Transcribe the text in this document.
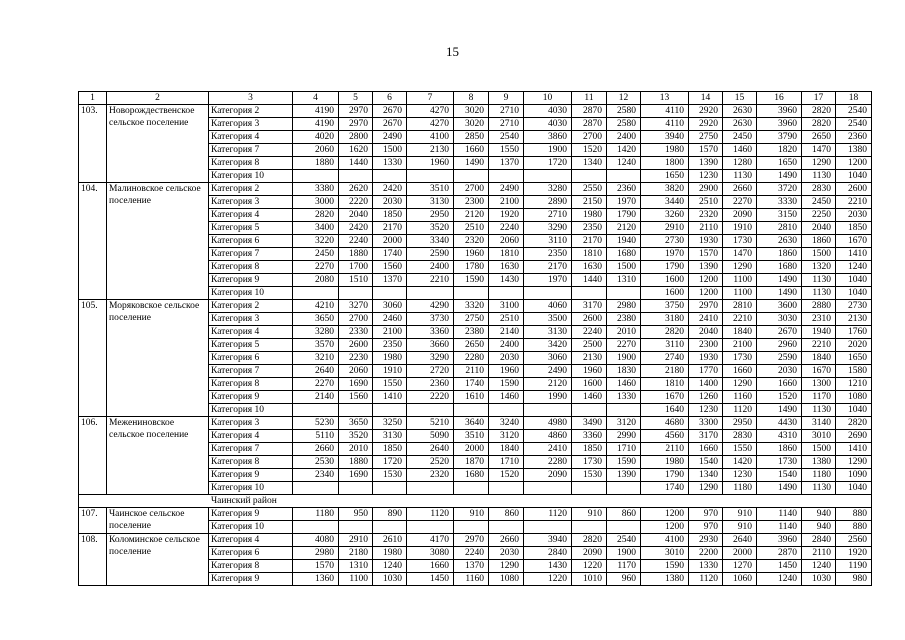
15
1	2	3	4	5	6	7	8	9	10	11	12	13	14	15	16	17	18
103.	Новорождественское сельское поселение	Категория 2	4190	2970	2670	4270	3020	2710	4030	2870	2580	4110	2920	2630	3960	2820	2540
		Категория 3	4190	2970	2670	4270	3020	2710	4030	2870	2580	4110	2920	2630	3960	2820	2540
		Категория 4	4020	2800	2490	4100	2850	2540	3860	2700	2400	3940	2750	2450	3790	2650	2360
		Категория 7	2060	1620	1500	2130	1660	1550	1900	1520	1420	1980	1570	1460	1820	1470	1380
		Категория 8	1880	1440	1330	1960	1490	1370	1720	1340	1240	1800	1390	1280	1650	1290	1200
		Категория 10										1650	1230	1130	1490	1130	1040
104.	Малиновское сельское поселение	Категория 2	3380	2620	2420	3510	2700	2490	3280	2550	2360	3820	2900	2660	3720	2830	2600
		Категория 3	3000	2220	2030	3130	2300	2100	2890	2150	1970	3440	2510	2270	3330	2450	2210
		Категория 4	2820	2040	1850	2950	2120	1920	2710	1980	1790	3260	2320	2090	3150	2250	2030
		Категория 5	3400	2420	2170	3520	2510	2240	3290	2350	2120	2910	2110	1910	2810	2040	1850
		Категория 6	3220	2240	2000	3340	2320	2060	3110	2170	1940	2730	1930	1730	2630	1860	1670
		Категория 7	2450	1880	1740	2590	1960	1810	2350	1810	1680	1970	1570	1470	1860	1500	1410
		Категория 8	2270	1700	1560	2400	1780	1630	2170	1630	1500	1790	1390	1290	1680	1320	1240
		Категория 9	2080	1510	1370	2210	1590	1430	1970	1440	1310	1600	1200	1100	1490	1130	1040
		Категория 10										1600	1200	1100	1490	1130	1040
105.	Моряковское сельское поселение	Категория 2	4210	3270	3060	4290	3320	3100	4060	3170	2980	3750	2970	2810	3600	2880	2730
		Категория 3	3650	2700	2460	3730	2750	2510	3500	2600	2380	3180	2410	2210	3030	2310	2130
		Категория 4	3280	2330	2100	3360	2380	2140	3130	2240	2010	2820	2040	1840	2670	1940	1760
		Категория 5	3570	2600	2350	3660	2650	2400	3420	2500	2270	3110	2300	2100	2960	2210	2020
		Категория 6	3210	2230	1980	3290	2280	2030	3060	2130	1900	2740	1930	1730	2590	1840	1650
		Категория 7	2640	2060	1910	2720	2110	1960	2490	1960	1830	2180	1770	1660	2030	1670	1580
		Категория 8	2270	1690	1550	2360	1740	1590	2120	1600	1460	1810	1400	1290	1660	1300	1210
		Категория 9	2140	1560	1410	2220	1610	1460	1990	1460	1330	1670	1260	1160	1520	1170	1080
		Категория 10										1640	1230	1120	1490	1130	1040
106.	Межениновское сельское поселение	Категория 3	5230	3650	3250	5210	3640	3240	4980	3490	3120	4680	3300	2950	4430	3140	2820
		Категория 4	5110	3520	3130	5090	3510	3120	4860	3360	2990	4560	3170	2830	4310	3010	2690
		Категория 7	2660	2010	1850	2640	2000	1840	2410	1850	1710	2110	1660	1550	1860	1500	1410
		Категория 8	2530	1880	1720	2520	1870	1710	2280	1730	1590	1980	1540	1420	1730	1380	1290
		Категория 9	2340	1690	1530	2320	1680	1520	2090	1530	1390	1790	1340	1230	1540	1180	1090
		Категория 10										1740	1290	1180	1490	1130	1040
Чаинский район																	
107.	Чаинское сельское поселение	Категория 9	1180	950	890	1120	910	860	1120	910	860	1200	970	910	1140	940	880
		Категория 10										1200	970	910	1140	940	880
108.	Коломинское сельское поселение	Категория 4	4080	2910	2610	4170	2970	2660	3940	2820	2540	4100	2930	2640	3960	2840	2560
		Категория 6	2980	2180	1980	3080	2240	2030	2840	2090	1900	3010	2200	2000	2870	2110	1920
		Категория 8	1570	1310	1240	1660	1370	1290	1430	1220	1170	1590	1330	1270	1450	1240	1190
		Категория 9	1360	1100	1030	1450	1160	1080	1220	1010	960	1380	1120	1060	1240	1030	980
